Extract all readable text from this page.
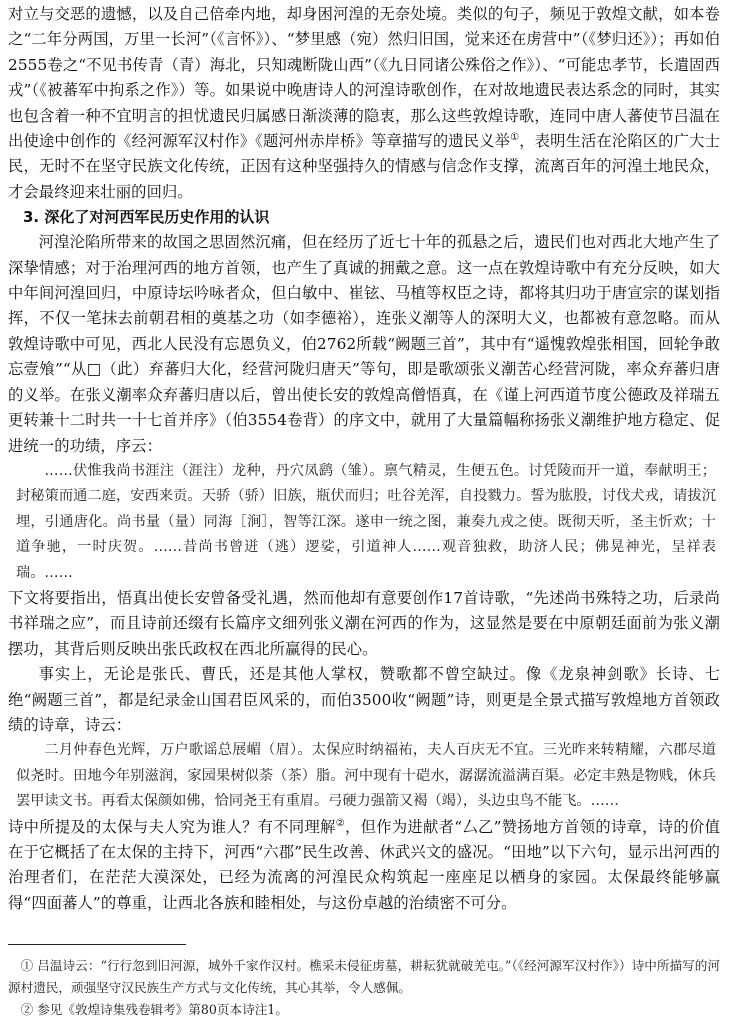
对立与交恶的遗憾，以及自己倍牵内地，却身困河湟的无奈处境。类似的句子，频见于敦煌文献，如本卷之“二年分两国，万里一长河”（《言怀》）、“梦里感（宛）然归旧国，觉来还在虏营中”（《梦归还》）；再如伯2555卷之“不见书传青（青）海北，只知魂断陇山西”（《九日同诸公殊俗之作》）、“可能忠孝节，长遣固西戎”（《被蕃军中拘系之作》）等。如果说中晚唐诗人的河湟诗歌创作，在对故地遗民表达系念的同时，其实也包含着一种不宜明言的担忧遗民归属感日渐淡薄的隐衷，那么这些敦煌诗歌，连同中唐人蕃使节吕温在出使途中创作的《经河源军汉村作》《题河州赤岸桥》等章描写的遗民义举①，表明生活在沦陷区的广大士民，无时不在坚守民族文化传统，正因有这种坚强持久的情感与信念作支撑，流离百年的河湟土地民众，才会最终迎来壮丽的回归。

3. 深化了对河西军民历史作用的认识

河湟沦陷所带来的故国之思固然沉痛，但在经历了近七十年的孤悬之后，遗民们也对西北大地产生了深挚情感；对于治理河西的地方首领，也产生了真诚的拥戴之意。这一点在敦煌诗歌中有充分反映，如大中年间河湟回归，中原诗坛吟咏者众，但白敏中、崔铉、马植等权臣之诗，都将其归功于唐宣宗的谋划指挥，不仅一笔抹去前朝君相的奠基之功（如李德裕），连张义潮等人的深明大义，也都被有意忽略。而从敦煌诗歌中可见，西北人民没有忘恩负义，伯2762所载“阙题三首”，其中有“遥愧敦煌张相国，回轮争敢忘壹飧”“从□（此）弃蕃归大化，经营河陇归唐天”等句，即是歌颂张义潮苦心经营河陇，率众弃蕃归唐的义举。在张义潮率众弃蕃归唐以后，曾出使长安的敦煌高僧悟真，在《谨上河西道节度公德政及祥瑞五更转兼十二时共一十七首并序》（伯3554卷背）的序文中，就用了大量篇幅称扬张义潮维护地方稳定、促进统一的功绩，序云：

……伏惟我尚书涯注（涯注）龙种，丹穴凤鹞（雏）。禀气精灵，生便五色。讨凭陵而开一道，奉献明王；封秘策而通二庭，安西来贡。天骄（骄）旧族，瓶伏而归；吐谷羌浑，自投戮力。誓为肱股，讨伐犬戎，请拔沉埋，引通唐化。尚书量（量）同海［涧］，智等江深。遂申一统之图，兼奏九戎之使。既彻天听，圣主忻欢；十道争驰，一时庆贺。……昔尚书曾迸（逃）逻娑，引道神人……观音独救，助济人民；佛晃神光，呈祥表瑞。……

下文将要指出，悟真出使长安曾备受礼遇，然而他却有意要创作17首诗歌，“先述尚书殊特之功，后录尚书祥瑞之应”，而且诗前还缀有长篇序文细列张义潮在河西的作为，这显然是要在中原朝廷面前为张义潮摆功，其背后则反映出张氏政权在西北所赢得的民心。

事实上，无论是张氏、曹氏，还是其他人掌权，赞歌都不曾空缺过。像《龙泉神剑歌》长诗、七绝“阙题三首”，都是纪录金山国君臣风采的，而伯3500收“阙题”诗，则更是全景式描写敦煌地方首领政绩的诗章，诗云：

二月仲春色光辉，万户歌谣总展嵋（眉）。太保应时纳福祐，夫人百庆无不宜。三光昨来转精耀，六郡尽道似尧时。田地今年别滋润，家园果树似荼（茶）脂。河中现有十硙水，潺潺流溢满百渠。必定丰熟是物贱，休兵罢甲读文书。再看太保颜如佛，恰同尧王有重眉。弓硬力强箭又褐（竭），头边虫鸟不能飞。……

诗中所提及的太保与夫人究为谁人？有不同理解②，但作为进献者“厶乙”赞扬地方首领的诗章，诗的价值在于它概括了在太保的主持下，河西“六郡”民生改善、休武兴文的盛况。“田地”以下六句，显示出河西的治理者们，在茫茫大漠深处，已经为流离的河湟民众构筑起一座座足以栖身的家园。太保最终能够赢得“四面蕃人”的尊重，让西北各族和睦相处，与这份卓越的治绩密不可分。

① 吕温诗云：“行行忽到旧河源，城外千家作汉村。樵采未侵征虏墓，耕耘犹就破羌屯。”（《经河源军汉村作》）诗中所描写的河源村遗民，顽强坚守汉民族生产方式与文化传统，其心其举，令人感佩。

② 参见《敦煌诗集残卷辑考》第80页本诗注1。
